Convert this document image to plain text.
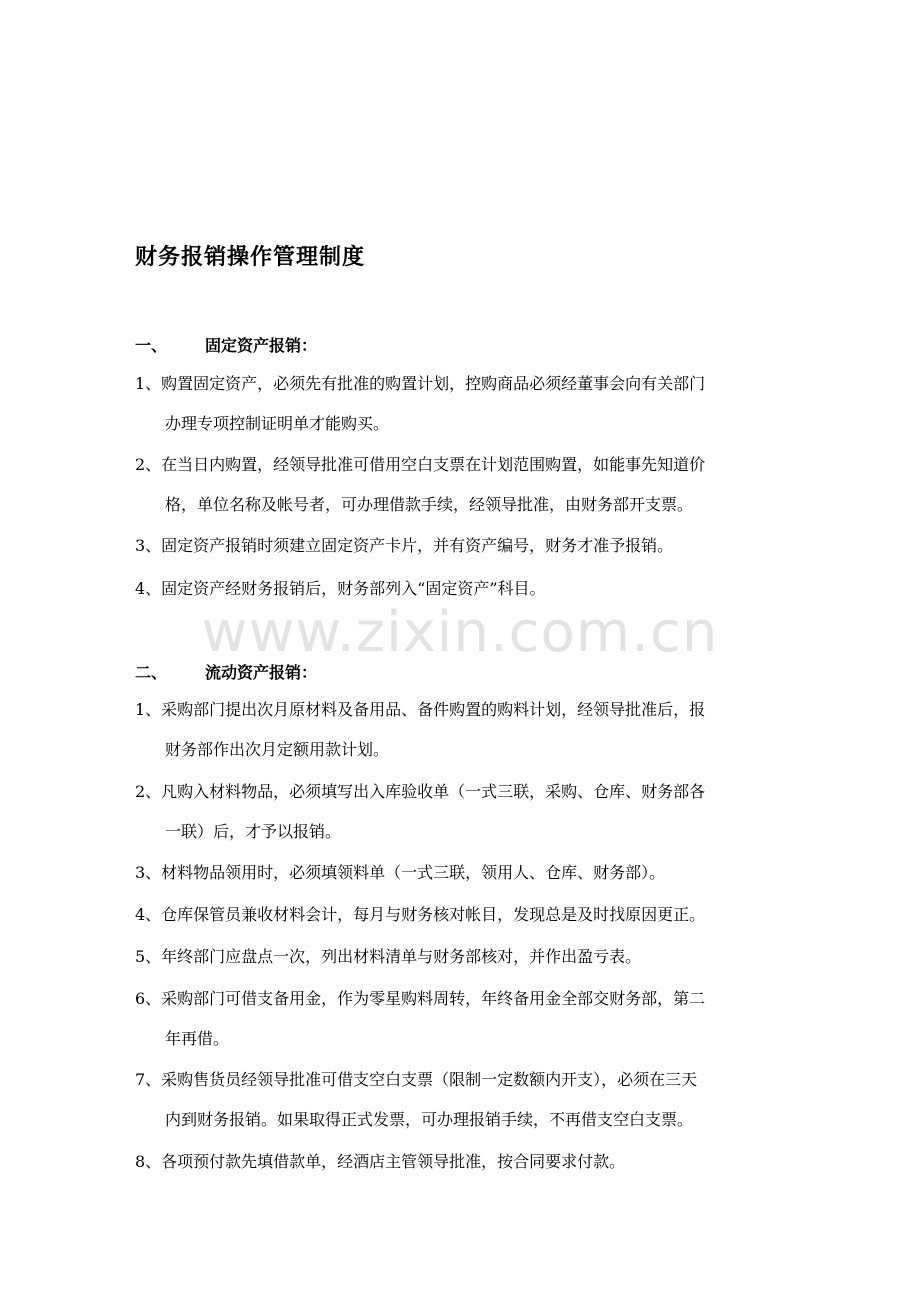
www.zixin.com.cn
财务报销操作管理制度
一、 固定资产报销：
1、购置固定资产，必须先有批准的购置计划，控购商品必须经董事会向有关部门
办理专项控制证明单才能购买。
2、在当日内购置，经领导批准可借用空白支票在计划范围购置，如能事先知道价
格，单位名称及帐号者，可办理借款手续，经领导批准，由财务部开支票。
3、固定资产报销时须建立固定资产卡片，并有资产编号，财务才准予报销。
4、固定资产经财务报销后，财务部列入“固定资产”科目。
二、 流动资产报销：
1、采购部门提出次月原材料及备用品、备件购置的购料计划，经领导批准后，报
财务部作出次月定额用款计划。
2、凡购入材料物品，必须填写出入库验收单（一式三联，采购、仓库、财务部各
一联）后，才予以报销。
3、材料物品领用时，必须填领料单（一式三联，领用人、仓库、财务部）。
4、仓库保管员兼收材料会计，每月与财务核对帐目，发现总是及时找原因更正。
5、年终部门应盘点一次，列出材料清单与财务部核对，并作出盈亏表。
6、采购部门可借支备用金，作为零星购料周转，年终备用金全部交财务部，第二
年再借。
7、采购售货员经领导批准可借支空白支票（限制一定数额内开支），必须在三天
内到财务报销。如果取得正式发票，可办理报销手续，不再借支空白支票。
8、各项预付款先填借款单，经酒店主管领导批准，按合同要求付款。
